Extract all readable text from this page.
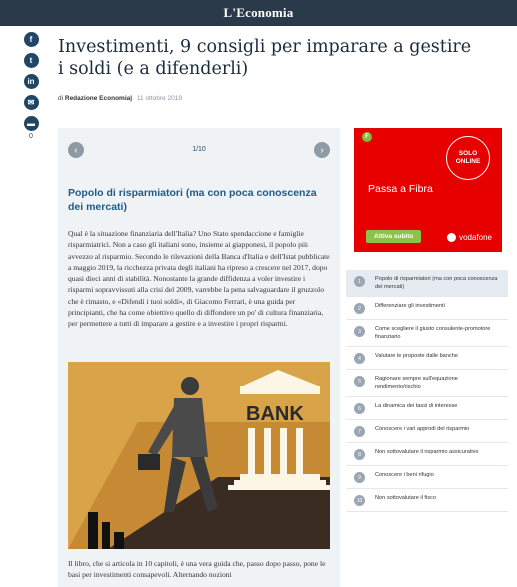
L'Economia
f
t
in
✉
▬
0
Investimenti, 9 consigli per imparare a gestire i soldi (e a difenderli)
di Redazione Economia| 11 ottobre 2019
‹	1/10	›
Popolo di risparmiatori (ma con poca conoscenza dei mercati)

Qual è la situazione finanziaria dell'Italia? Uno Stato spendaccione e famiglie risparmiatrici. Non a caso gli italiani sono, insieme ai giapponesi, il popolo più avvezzo al risparmio. Secondo le rilevazioni della Banca d'Italia e dell'Istat pubblicate a maggio 2019, la ricchezza privata degli italiani ha ripreso a crescere nel 2017, dopo quasi dieci anni di stabilità. Nonostante la grande diffidenza a voler investire i risparmi sopravvissuti alla crisi del 2009, varrebbe la pena salvaguardare il gruzzolo che è rimasto, e «Difendi i tuoi soldi», di Giacomo Ferrari, è una guida per principianti, che ha come obiettivo quello di diffondere un po' di cultura finanziaria, per permettere a tutti di imparare a gestire e a investire i propri risparmi.

BANK
Il libro, che si articola in 10 capitoli, è una vera guida che, passo dopo passo, pone le basi per investimenti consapevoli. Alternando nozioni
F
SOLO
ONLINE
Passa a Fibra
Attiva subito	vodafone
1	Popolo di risparmiatori (ma con poca conoscenza dei mercati)
2	Differenziare gli investimenti
3	Come scegliere il giusto consulente-promotore finanziario
4	Valutare le proposte dalle banche
5	Ragionare sempre sull'equazione rendimento/rischio
6	La dinamica dei tassi di interesse
7	Conoscere i vari approdi del risparmio
8	Non sottovalutare il risparmio assicurativo
9	Conoscere i beni rifugio
10	Non sottovalutare il fisco
